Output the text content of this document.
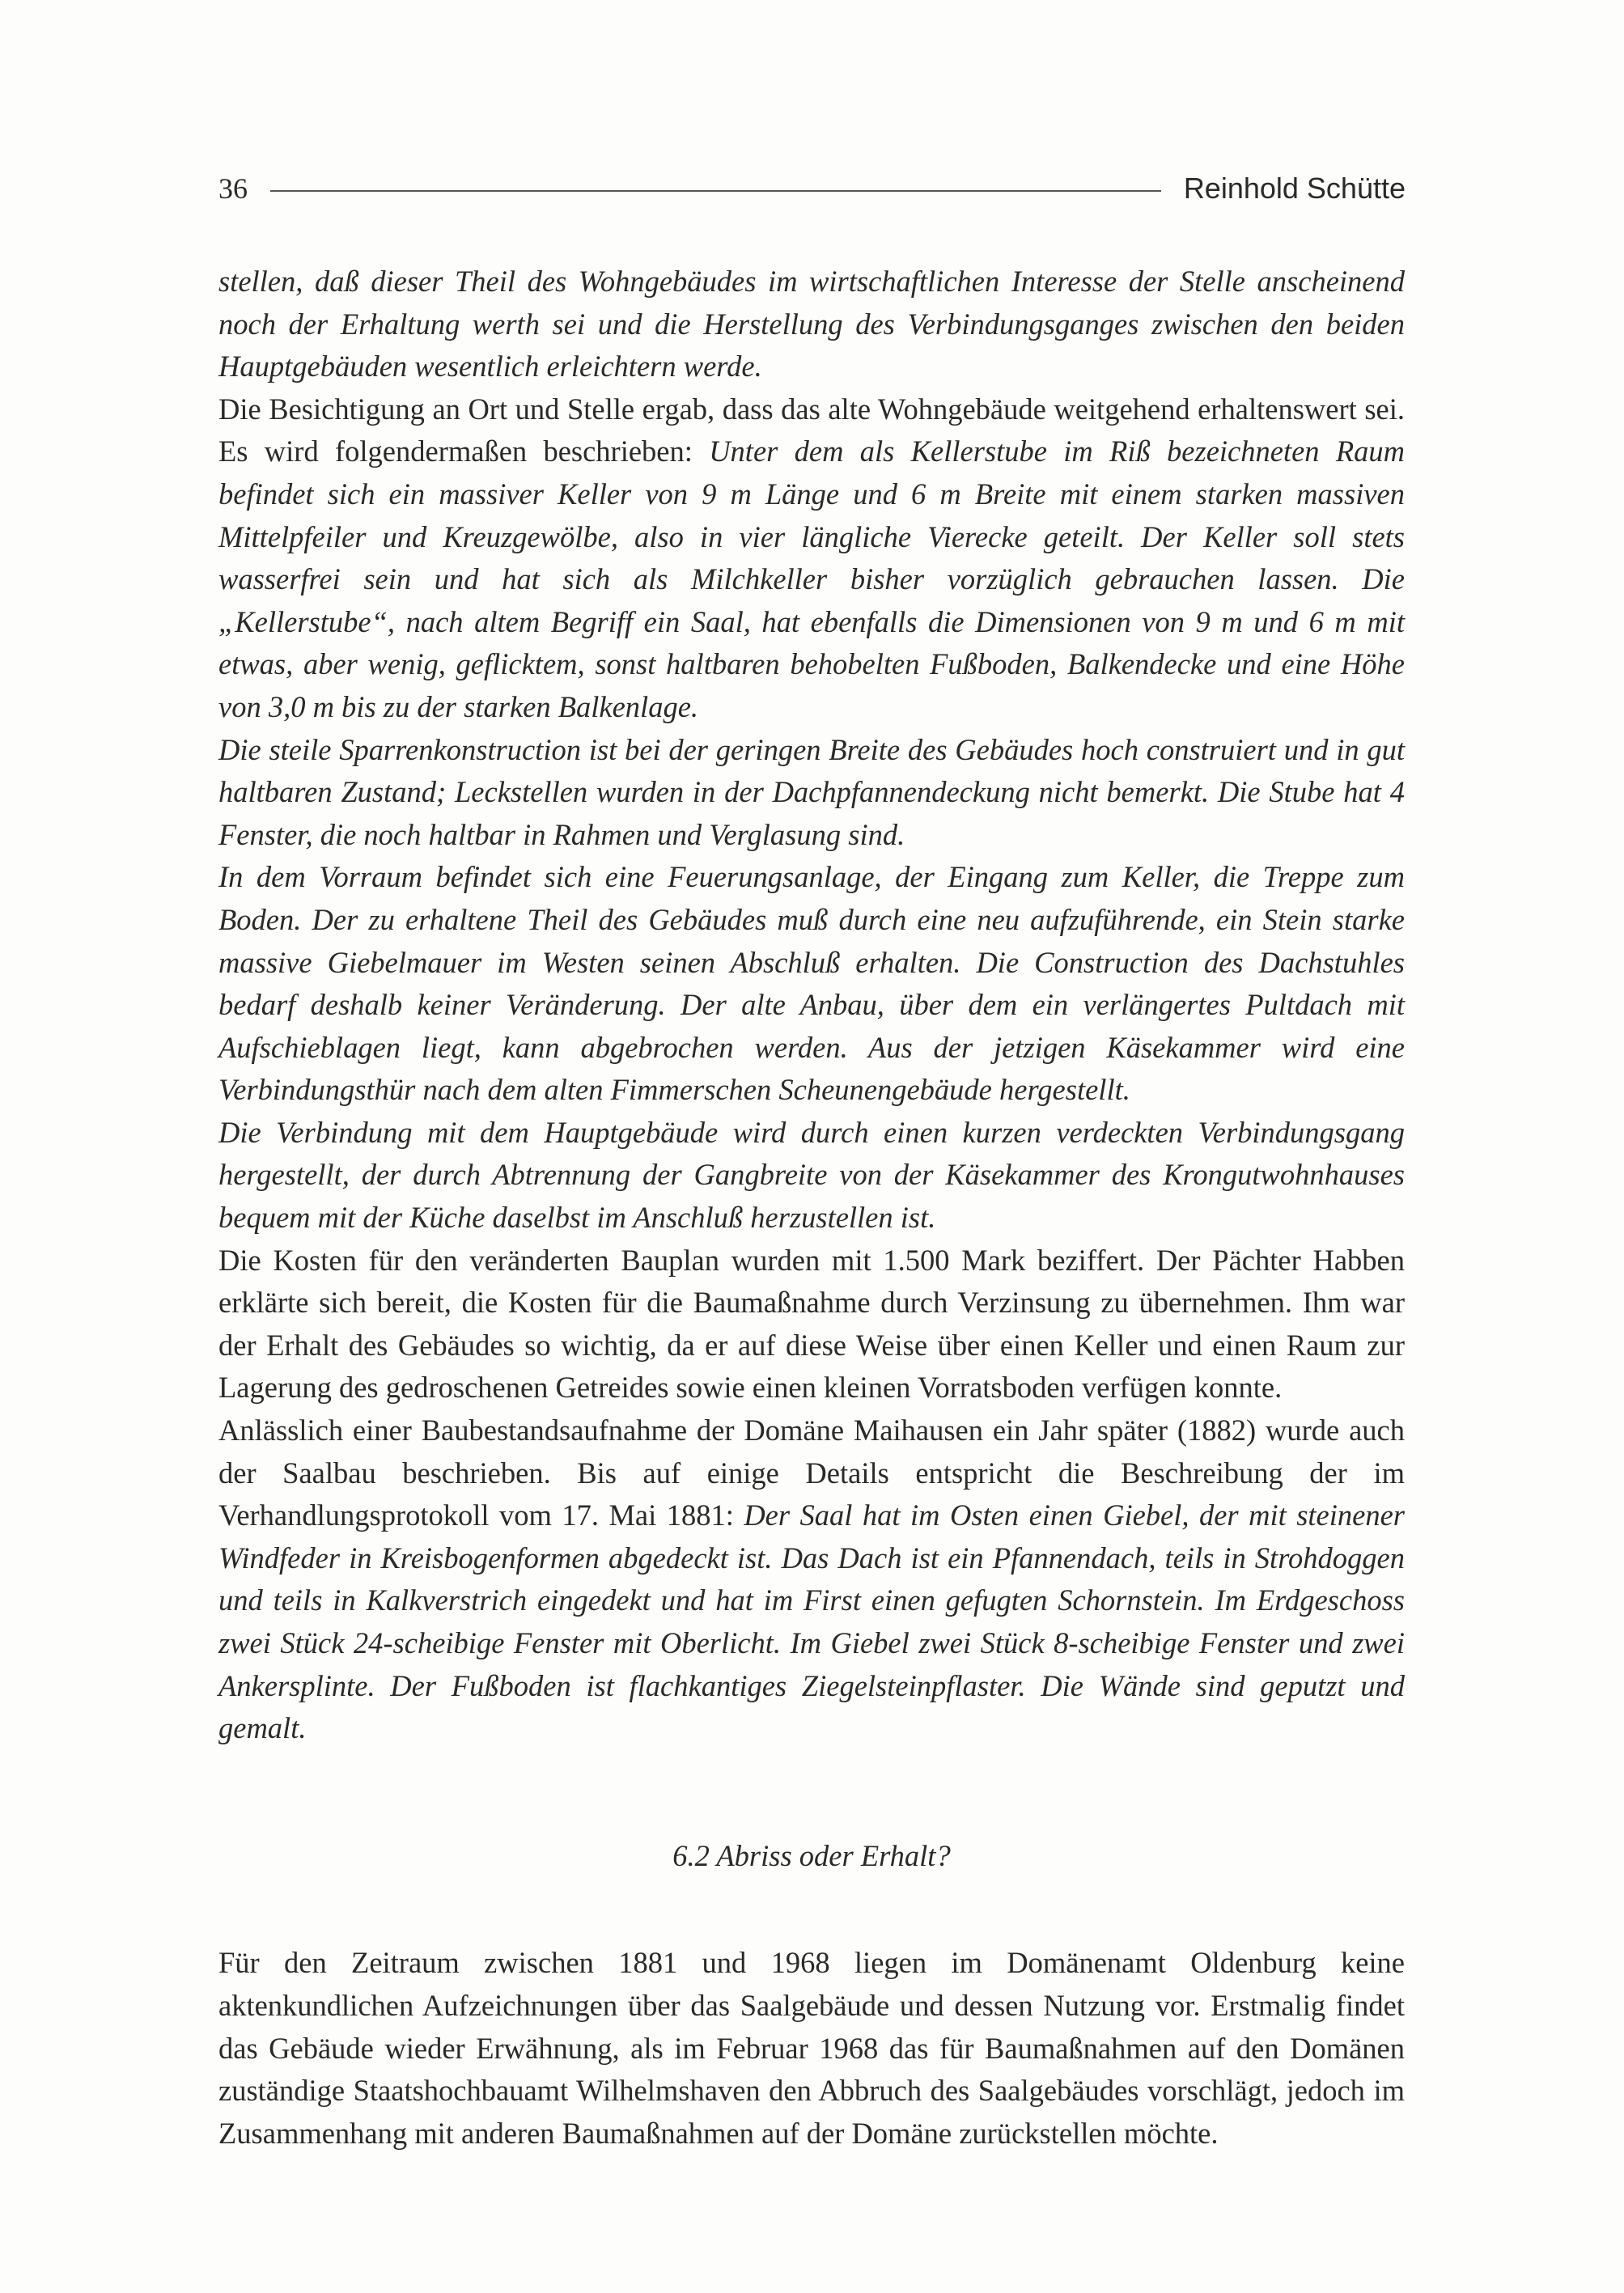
36	Reinhold Schütte

stellen, daß dieser Theil des Wohngebäudes im wirtschaftlichen Interesse der Stelle anscheinend noch der Erhaltung werth sei und die Herstellung des Verbindungsganges zwischen den beiden Hauptgebäuden wesentlich erleichtern werde.

Die Besichtigung an Ort und Stelle ergab, dass das alte Wohngebäude weitgehend erhaltenswert sei. Es wird folgendermaßen beschrieben: Unter dem als Kellerstube im Riß bezeichneten Raum befindet sich ein massiver Keller von 9 m Länge und 6 m Breite mit einem starken massiven Mittelpfeiler und Kreuzgewölbe, also in vier längliche Vierecke geteilt. Der Keller soll stets wasserfrei sein und hat sich als Milchkeller bisher vorzüglich gebrauchen lassen. Die „Kellerstube“, nach altem Begriff ein Saal, hat ebenfalls die Dimensionen von 9 m und 6 m mit etwas, aber wenig, geflicktem, sonst haltbaren behobelten Fußboden, Balkendecke und eine Höhe von 3,0 m bis zu der starken Balkenlage.

Die steile Sparrenkonstruction ist bei der geringen Breite des Gebäudes hoch construiert und in gut haltbaren Zustand; Leckstellen wurden in der Dachpfannendeckung nicht bemerkt. Die Stube hat 4 Fenster, die noch haltbar in Rahmen und Verglasung sind.

In dem Vorraum befindet sich eine Feuerungsanlage, der Eingang zum Keller, die Treppe zum Boden. Der zu erhaltene Theil des Gebäudes muß durch eine neu aufzuführende, ein Stein starke massive Giebelmauer im Westen seinen Abschluß erhalten. Die Construction des Dachstuhles bedarf deshalb keiner Veränderung. Der alte Anbau, über dem ein verlängertes Pultdach mit Aufschieblagen liegt, kann abgebrochen werden. Aus der jetzigen Käsekammer wird eine Verbindungsthür nach dem alten Fimmerschen Scheunengebäude hergestellt.

Die Verbindung mit dem Hauptgebäude wird durch einen kurzen verdeckten Verbindungsgang hergestellt, der durch Abtrennung der Gangbreite von der Käsekammer des Krongutwohnhauses bequem mit der Küche daselbst im Anschluß herzustellen ist.

Die Kosten für den veränderten Bauplan wurden mit 1.500 Mark beziffert. Der Pächter Habben erklärte sich bereit, die Kosten für die Baumaßnahme durch Verzinsung zu übernehmen. Ihm war der Erhalt des Gebäudes so wichtig, da er auf diese Weise über einen Keller und einen Raum zur Lagerung des gedroschenen Getreides sowie einen kleinen Vorratsboden verfügen konnte.

Anlässlich einer Baubestandsaufnahme der Domäne Maihausen ein Jahr später (1882) wurde auch der Saalbau beschrieben. Bis auf einige Details entspricht die Beschreibung der im Verhandlungsprotokoll vom 17. Mai 1881: Der Saal hat im Osten einen Giebel, der mit steinener Windfeder in Kreisbogenformen abgedeckt ist. Das Dach ist ein Pfannendach, teils in Strohdoggen und teils in Kalkverstrich eingedekt und hat im First einen gefugten Schornstein. Im Erdgeschoss zwei Stück 24-scheibige Fenster mit Oberlicht. Im Giebel zwei Stück 8-scheibige Fenster und zwei Ankersplinte. Der Fußboden ist flachkantiges Ziegelsteinpflaster. Die Wände sind geputzt und gemalt.

6.2 Abriss oder Erhalt?

Für den Zeitraum zwischen 1881 und 1968 liegen im Domänenamt Oldenburg keine aktenkundlichen Aufzeichnungen über das Saalgebäude und dessen Nutzung vor. Erstmalig findet das Gebäude wieder Erwähnung, als im Februar 1968 das für Baumaßnahmen auf den Domänen zuständige Staatshochbauamt Wilhelmshaven den Abbruch des Saalgebäudes vorschlägt, jedoch im Zusammenhang mit anderen Baumaßnahmen auf der Domäne zurückstellen möchte.
